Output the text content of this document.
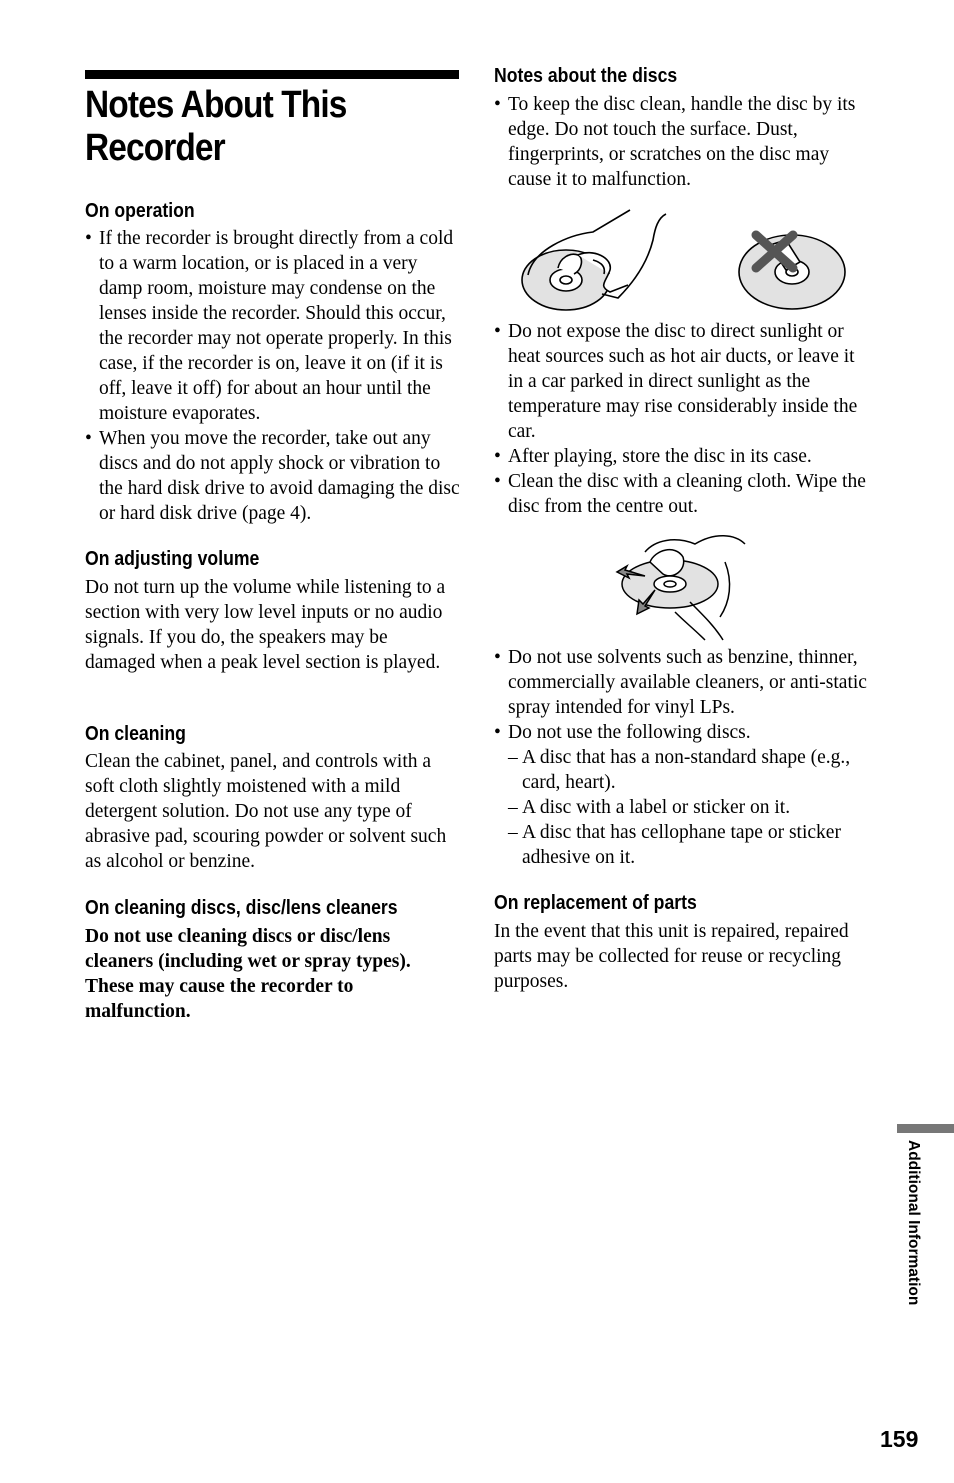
Notes About This
Recorder
On operation
• If the recorder is brought directly from a cold to a warm location, or is placed in a very damp room, moisture may condense on the lenses inside the recorder. Should this occur, the recorder may not operate properly. In this case, if the recorder is on, leave it on (if it is off, leave it off) for about an hour until the moisture evaporates.
• When you move the recorder, take out any discs and do not apply shock or vibration to the hard disk drive to avoid damaging the disc or hard disk drive (page 4).
On adjusting volume

Do not turn up the volume while listening to a section with very low level inputs or no audio signals. If you do, the speakers may be damaged when a peak level section is played.

On cleaning

Clean the cabinet, panel, and controls with a soft cloth slightly moistened with a mild detergent solution. Do not use any type of abrasive pad, scouring powder or solvent such as alcohol or benzine.

On cleaning discs, disc/lens cleaners

Do not use cleaning discs or disc/lens cleaners (including wet or spray types). These may cause the recorder to malfunction.

Notes about the discs
• To keep the disc clean, handle the disc by its edge. Do not touch the surface. Dust, fingerprints, or scratches on the disc may cause it to malfunction.
• Do not expose the disc to direct sunlight or heat sources such as hot air ducts, or leave it in a car parked in direct sunlight as the temperature may rise considerably inside the car.
• After playing, store the disc in its case.
• Clean the disc with a cleaning cloth. Wipe the disc from the centre out.
• Do not use solvents such as benzine, thinner, commercially available cleaners, or anti-static spray intended for vinyl LPs.
• Do not use the following discs.
– A disc that has a non-standard shape (e.g., card, heart).
– A disc with a label or sticker on it.
– A disc that has cellophane tape or sticker adhesive on it.
On replacement of parts

In the event that this unit is repaired, repaired parts may be collected for reuse or recycling purposes.

Additional Information
159
